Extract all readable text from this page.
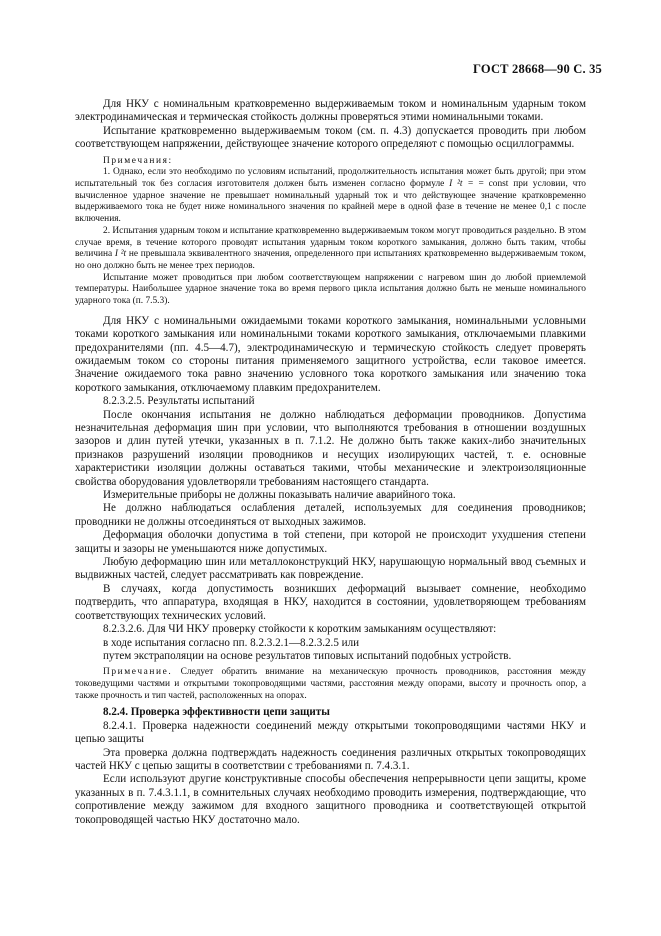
ГОСТ 28668—90 С. 35

Для НКУ с номинальным кратковременно выдерживаемым током и номинальным ударным током электродинамическая и термическая стойкость должны проверяться этими номинальными токами.

Испытание кратковременно выдерживаемым током (см. п. 4.3) допускается проводить при любом соответствующем напряжении, действующее значение которого определяют с помощью осциллограммы.

Примечания:

1. Однако, если это необходимо по условиям испытаний, продолжительность испытания может быть другой; при этом испытательный ток без согласия изготовителя должен быть изменен согласно формуле I ²t = = const при условии, что вычисленное ударное значение не превышает номинальный ударный ток и что действующее значение кратковременно выдерживаемого тока не будет ниже номинального значения по крайней мере в одной фазе в течение не менее 0,1 с после включения.

2. Испытания ударным током и испытание кратковременно выдерживаемым током могут проводиться раздельно. В этом случае время, в течение которого проводят испытания ударным током короткого замыкания, должно быть таким, чтобы величина I ²t не превышала эквивалентного значения, определенного при испытаниях кратковременно выдерживаемым током, но оно должно быть не менее трех периодов.

Испытание может проводиться при любом соответствующем напряжении с нагревом шин до любой приемлемой температуры. Наибольшее ударное значение тока во время первого цикла испытания должно быть не меньше номинального ударного тока (п. 7.5.3).

Для НКУ с номинальными ожидаемыми токами короткого замыкания, номинальными условными токами короткого замыкания или номинальными токами короткого замыкания, отключаемыми плавкими предохранителями (пп. 4.5—4.7), электродинамическую и термическую стойкость следует проверять ожидаемым током со стороны питания применяемого защитного устройства, если таковое имеется. Значение ожидаемого тока равно значению условного тока короткого замыкания или значению тока короткого замыкания, отключаемому плавким предохранителем.

8.2.3.2.5. Результаты испытаний

После окончания испытания не должно наблюдаться деформации проводников. Допустима незначительная деформация шин при условии, что выполняются требования в отношении воздушных зазоров и длин путей утечки, указанных в п. 7.1.2. Не должно быть также каких-либо значительных признаков разрушений изоляции проводников и несущих изолирующих частей, т. е. основные характеристики изоляции должны оставаться такими, чтобы механические и электроизоляционные свойства оборудования удовлетворяли требованиям настоящего стандарта.

Измерительные приборы не должны показывать наличие аварийного тока.

Не должно наблюдаться ослабления деталей, используемых для соединения проводников; проводники не должны отсоединяться от выходных зажимов.

Деформация оболочки допустима в той степени, при которой не происходит ухудшения степени защиты и зазоры не уменьшаются ниже допустимых.

Любую деформацию шин или металлоконструкций НКУ, нарушающую нормальный ввод съемных и выдвижных частей, следует рассматривать как повреждение.

В случаях, когда допустимость возникших деформаций вызывает сомнение, необходимо подтвердить, что аппаратура, входящая в НКУ, находится в состоянии, удовлетворяющем требованиям соответствующих технических условий.

8.2.3.2.6. Для ЧИ НКУ проверку стойкости к коротким замыканиям осуществляют:

в ходе испытания согласно пп. 8.2.3.2.1—8.2.3.2.5 или

путем экстраполяции на основе результатов типовых испытаний подобных устройств.

Примечание. Следует обратить внимание на механическую прочность проводников, расстояния между токоведущими частями и открытыми токопроводящими частями, расстояния между опорами, высоту и прочность опор, а также прочность и тип частей, расположенных на опорах.

8.2.4. Проверка эффективности цепи защиты

8.2.4.1. Проверка надежности соединений между открытыми токопроводящими частями НКУ и цепью защиты

Эта проверка должна подтверждать надежность соединения различных открытых токопроводящих частей НКУ с цепью защиты в соответствии с требованиями п. 7.4.3.1.

Если используют другие конструктивные способы обеспечения непрерывности цепи защиты, кроме указанных в п. 7.4.3.1.1, в сомнительных случаях необходимо проводить измерения, подтверждающие, что сопротивление между зажимом для входного защитного проводника и соответствующей открытой токопроводящей частью НКУ достаточно мало.
